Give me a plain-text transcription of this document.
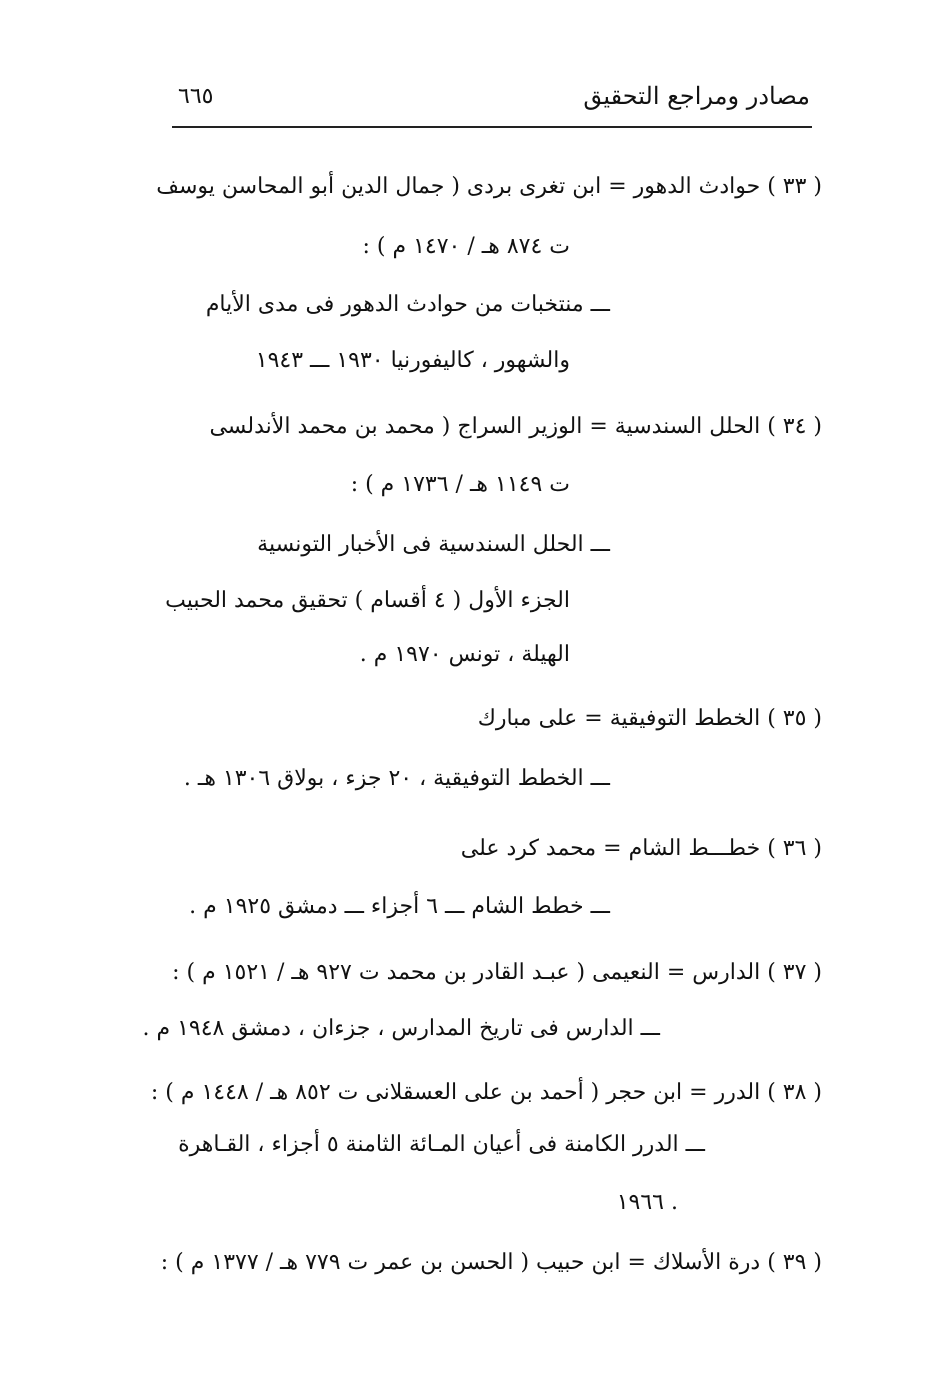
مصادر ومراجع التحقيق
٦٦٥
( ٣٣ ) حوادث الدهور = ابن تغرى بردى ( جمال الدين أبو المحاسن يوسف
ت ٨٧٤ هـ / ١٤٧٠ م ) :
ـــ منتخبات من حوادث الدهور فى مدى الأيام
والشهور ، كاليفورنيا ١٩٣٠ ـــ ١٩٤٣
( ٣٤ ) الحلل السندسية = الوزير السراج ( محمد بن محمد الأندلسى
ت ١١٤٩ هـ / ١٧٣٦ م ) :
ـــ الحلل السندسية فى الأخبار التونسية
الجزء الأول ( ٤ أقسام ) تحقيق محمد الحبيب
الهيلة ، تونس ١٩٧٠ م .
( ٣٥ ) الخطط التوفيقية = على مبارك
ـــ الخطط التوفيقية ، ٢٠ جزء ، بولاق ١٣٠٦ هـ .
( ٣٦ ) خطـــط الشام = محمد كرد على
ـــ خطط الشام ـــ ٦ أجزاء ـــ دمشق ١٩٢٥ م .
( ٣٧ ) الدارس = النعيمى ( عبـد القادر بن محمد ت ٩٢٧ هـ / ١٥٢١ م ) :
ـــ الدارس فى تاريخ المدارس ، جزءان ، دمشق ١٩٤٨ م .
( ٣٨ ) الدرر = ابن حجر ( أحمد بن على العسقلانى ت ٨٥٢ هـ / ١٤٤٨ م ) :
ـــ الدرر الكامنة فى أعيان المـائة الثامنة ٥ أجزاء ، القـاهرة
١٩٦٦ .
( ٣٩ ) درة الأسلاك = ابن حبيب ( الحسن بن عمر ت ٧٧٩ هـ / ١٣٧٧ م ) :
